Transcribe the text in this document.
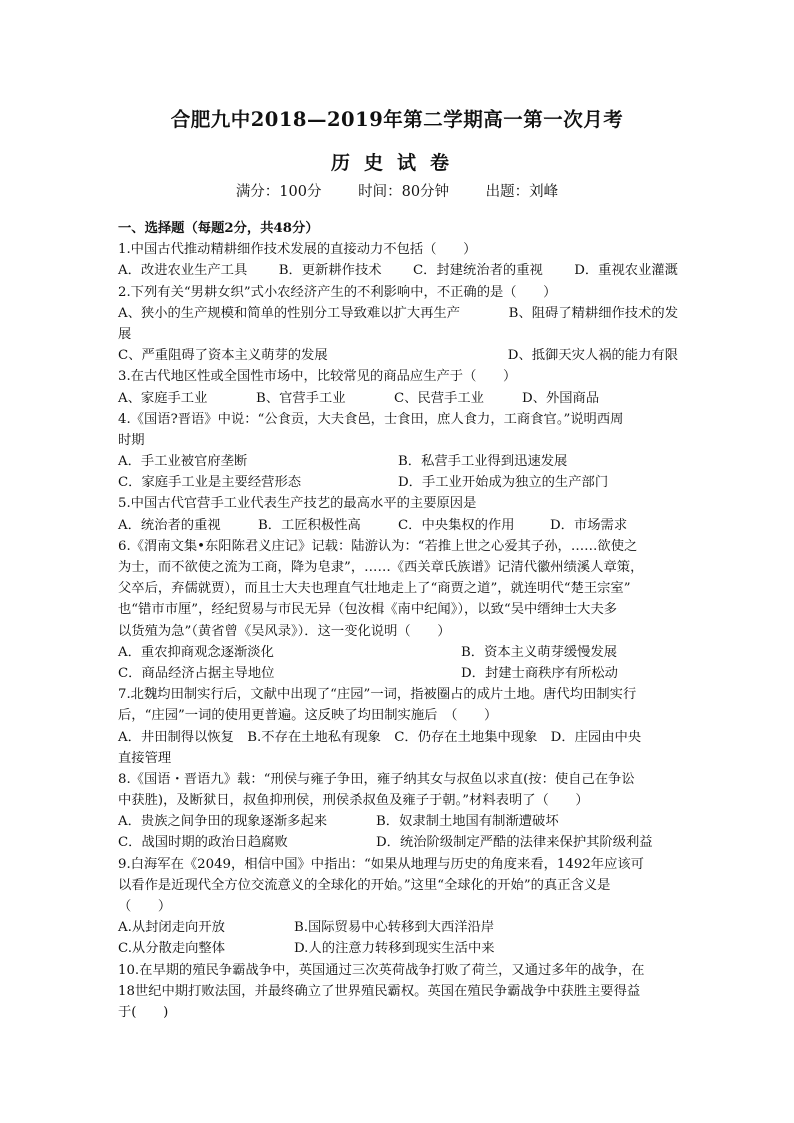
合肥九中2018—2019年第二学期高一第一次月考
历史试卷
满分：100分	时间：80分钟	出题：刘峰
一、选择题（每题2分，共48分）
1.中国古代推动精耕细作技术发展的直接动力不包括（　　）
A．改进农业生产工具 B．更新耕作技术 C．封建统治者的重视 D．重视农业灌溉
2.下列有关“男耕女织”式小农经济产生的不利影响中，不正确的是（　　）
A、狭小的生产规模和简单的性别分工导致难以扩大再生产	B、阻碍了精耕细作技术的发
展
C、严重阻碍了资本主义萌芽的发展	D、抵御天灾人祸的能力有限
3.在古代地区性或全国性市场中，比较常见的商品应生产于（　　）
A、家庭手工业	B、官营手工业	C、民营手工业	D、外国商品
4.《国语?晋语》中说：“公食贡，大夫食邑，士食田，庶人食力，工商食官。”说明西周
时期
A．手工业被官府垄断	B．私营手工业得到迅速发展
C．家庭手工业是主要经营形态	D．手工业开始成为独立的生产部门
5.中国古代官营手工业代表生产技艺的最高水平的主要原因是
A．统治者的重视	B．工匠积极性高	C．中央集权的作用	D．市场需求
6.《渭南文集•东阳陈君义庄记》记载：陆游认为：“若推上世之心爱其子孙，……欲使之
为士，而不欲使之流为工商，降为皂隶”，……《西关章氏族谱》记清代徽州绩溪人章策，
父卒后，弃儒就贾），而且士大夫也理直气壮地走上了“商贾之道”，就连明代“楚王宗室”
也“错市市厘”，经纪贸易与市民无异（包汝楫《南中纪闻》），以致“吴中缙绅士大夫多
以货殖为急”（黄省曾《吴风录》）．这一变化说明（　　）
A．重农抑商观念逐渐淡化	B．资本主义萌芽缓慢发展
C．商品经济占据主导地位	D．封建士商秩序有所松动
7.北魏均田制实行后，文献中出现了“庄园”一词，指被圈占的成片土地。唐代均田制实行
后，“庄园”一词的使用更普遍。这反映了均田制实施后　（　　）
A．井田制得以恢复　B.不存在土地私有现象　C．仍存在土地集中现象　D．庄园由中央
直接管理
8.《国语・晋语九》载：“刑侯与雍子争田，雍子纳其女与叔鱼以求直(按：使自己在争讼
中获胜)，及断狱日，叔鱼抑刑侯，刑侯杀叔鱼及雍子于朝。”材料表明了（　　）
A．贵族之间争田的现象逐渐多起来	B．奴隶制土地国有制渐遭破坏
C．战国时期的政治日趋腐败	D．统治阶级制定严酷的法律来保护其阶级利益
9.白海军在《2049，相信中国》中指出：“如果从地理与历史的角度来看，1492年应该可
以看作是近现代全方位交流意义的全球化的开始。”这里“全球化的开始”的真正含义是
（　　）
A.从封闭走向开放	B.国际贸易中心转移到大西洋沿岸
C.从分散走向整体	D.人的注意力转移到现实生活中来
10.在早期的殖民争霸战争中，英国通过三次英荷战争打败了荷兰，又通过多年的战争，在
18世纪中期打败法国，并最终确立了世界殖民霸权。英国在殖民争霸战争中获胜主要得益
于(　　)
